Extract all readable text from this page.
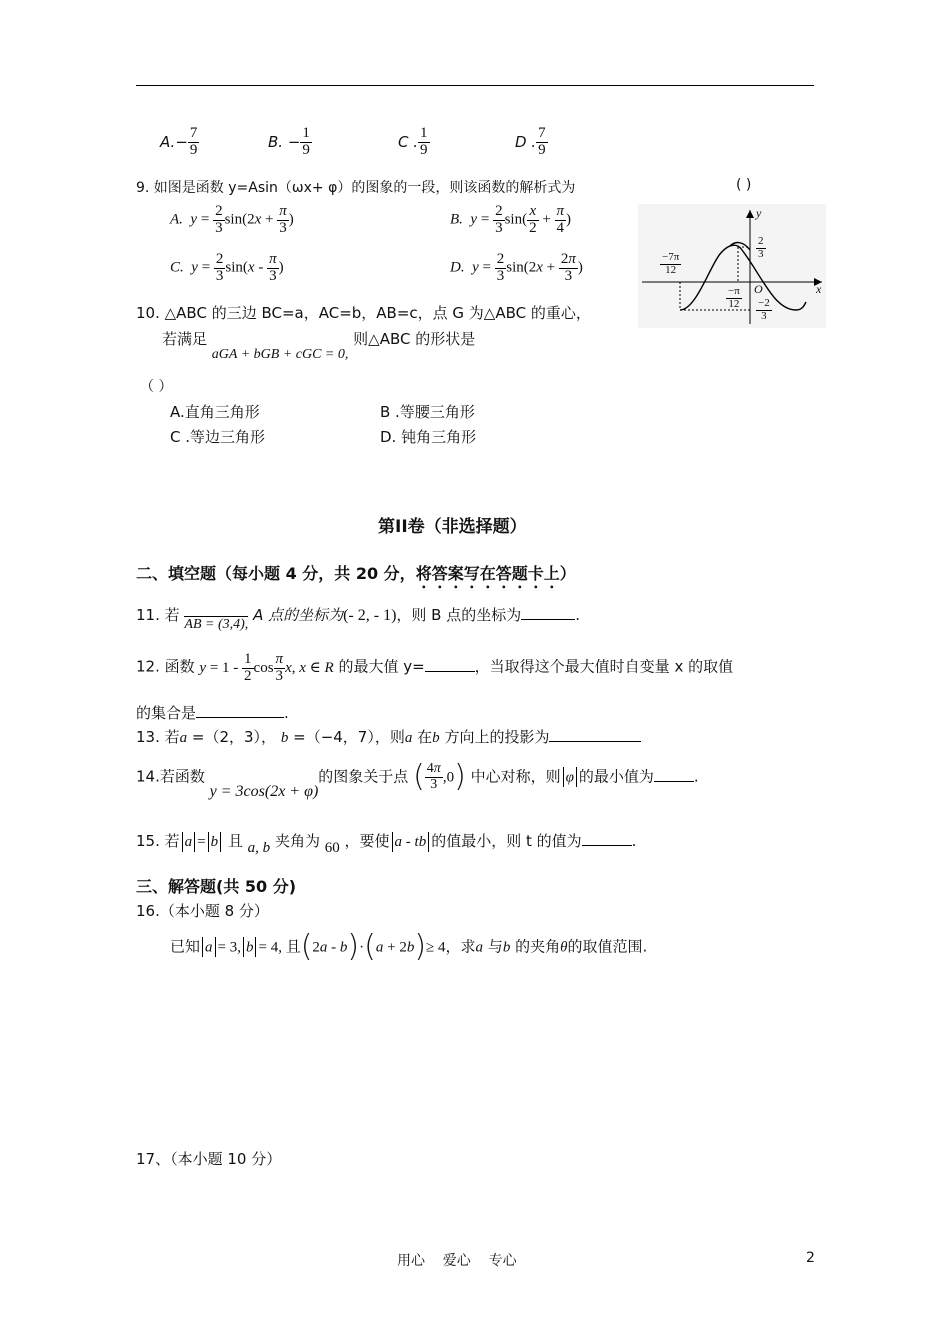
$A.- \frac{7}{9}$	B. − $\frac{1}{9}$	C . $\frac{1}{9}$	D . $\frac{7}{9}$
9. 如图是函数 y=Asin（ωx+ φ）的图象的一段，则该函数的解析式为	( )
A. $y = \frac{2}{3} \sin(2x + \frac{\pi}{3}$ )	B. $y = \frac{2}{3} \sin( \frac{x}{2} + \frac{\pi}{4}$ )
C. $y = \frac{2}{3} \sin(x - \frac{\pi}{3}$ )	D. $y = \frac{2}{3} \sin(2x + \frac{2\pi}{3}$ )
y
x
O
$\frac{-7\pi}{12}$
$\frac{-\pi}{12}$
$\frac{2}{3}$
$\frac{-2}{3}$
10. △ABC 的三边 BC=a，AC=b，AB=c，点 G 为△ABC 的重心，
若满足 aGA + bGB + cGC = 0, 则△ABC 的形状是
（ ）
A.直角三角形	B .等腰三角形
C .等边三角形	D. 钝角三角形
第II卷（非选择题）
二、填空题（每小题 4 分，共 20 分，将答案写在答题卡上）
11. 若 AB = (3,4), A 点的坐标为(- 2, - 1)，则 B 点的坐标为	.
12. 函数 $y = 1 - \frac{1}{2}$ $\cos \frac{\pi}{3} x$, x ∈ R 的最大值 y=	，当取得这个最大值时自变量 x 的取值
的集合是	.
13. 若a =（2，3）， b =（−4，7），则a 在b 方向上的投影为
14.若函数 y = 3cos(2x + φ)的图象关于点 ( $\frac{4\pi}{3} ,0$) 中心对称，则 φ 的最小值为	.
15. 若 a = b 且 a, b 夹角为 60 ，要使 a - tb 的值最小，则 t 的值为	.
三、解答题(共 50 分)
16.（本小题 8 分）
已知 a = 3, b = 4, 且(2a - b)·(a + 2b)≥ 4，求a 与b 的夹角θ的取值范围.
17、（本小题 10 分）
用心    爱心    专心	2
